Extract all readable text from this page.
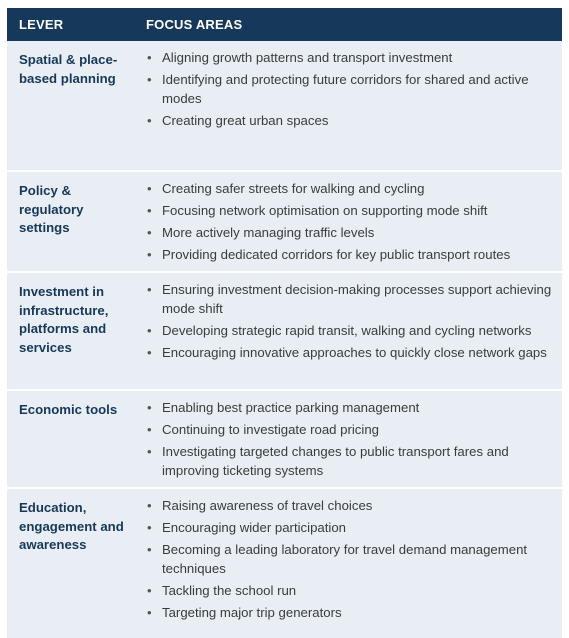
LEVER	FOCUS AREAS
Spatial & place-based planning
• Aligning growth patterns and transport investment
• Identifying and protecting future corridors for shared and active modes
• Creating great urban spaces
Policy & regulatory settings
• Creating safer streets for walking and cycling
• Focusing network optimisation on supporting mode shift
• More actively managing traffic levels
• Providing dedicated corridors for key public transport routes
Investment in infrastructure, platforms and services
• Ensuring investment decision-making processes support achieving mode shift
• Developing strategic rapid transit, walking and cycling networks
• Encouraging innovative approaches to quickly close network gaps
Economic tools
•	Enabling best practice parking management
• Continuing to investigate road pricing
• Investigating targeted changes to public transport fares and improving ticketing systems
Education, engagement and awareness
• Raising awareness of travel choices
• Encouraging wider participation
• Becoming a leading laboratory for travel demand management techniques
• Tackling the school run
• Targeting major trip generators
